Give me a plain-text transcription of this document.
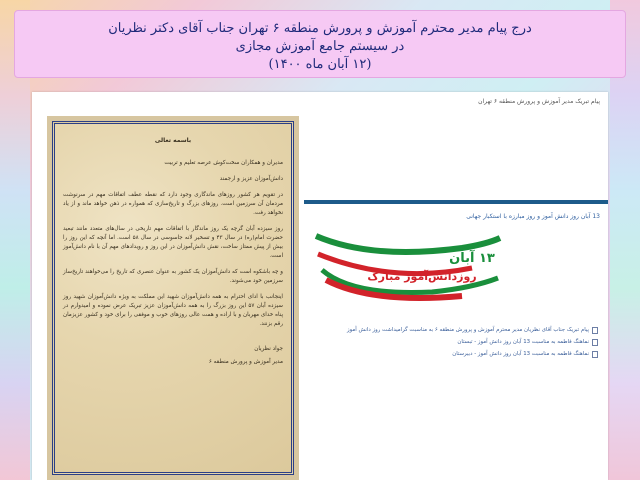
درج پیام مدیر محترم آموزش و پرورش منطقه ۶ تهران جناب آقای دکتر نظریان
در سیستم جامع آموزش مجازی
(۱۲ آبان ماه ۱۴۰۰)
باسمه تعالی

مدیران و همکاران سخت‌کوش عرصه تعلیم و تربیت

دانش‌آموزان عزیز و ارجمند

در تقویم هر کشور روزهای ماندگاری وجود دارد که نقطه عطف اتفاقات مهم در سرنوشت مردمان آن سرزمین است. روزهای بزرگ و تاریخ‌سازی که همواره در ذهن خواهد ماند و از یاد نخواهد رفت.

روز سیزده آبان گرچه یک روز ماندگار با اتفاقات مهم تاریخی در سال‌های متعدد مانند تبعید حضرت امام(ره) در سال ۴۳ و تسخیر لانه جاسوسی در سال ۵۸ است. اما آنچه که این روز را بیش از پیش ممتاز ساخت، نقش دانش‌آموزان در این روز و رویدادهای مهم آن با نام دانش‌آموز است.

و چه باشکوه است که دانش‌آموزان یک کشور به عنوان عنصری که تاریخ را می‌خواهند تاریخ‌ساز سرزمین خود می‌شوند.

اینجانب با ادای احترام به همه دانش‌آموزان شهید این مملکت به ویژه دانش‌آموزان شهید روز سیزده آبان ۵۷ این روز بزرگ را به همه دانش‌آموزان عزیز تبریک عرض نموده و امیدوارم در پناه خدای مهربان و با اراده و همت عالی روزهای خوب و موفقی را برای خود و کشور عزیزمان رقم بزنند.

جواد نظریان
مدیر آموزش و پرورش منطقه ۶
پیام تبریک مدیر آموزش و پرورش منطقه ۶ تهران
13 آبان روز دانش آموز و روز مبارزه با استکبار جهانی
۱۳ آبان
روزدانش‌آموز مبارک
پیام تبریک جناب آقای نظریان مدیر محترم آموزش و پرورش منطقه ۶ به مناسبت گرامیداشت روز دانش آموز
نماهنگ فاطمه به مناسبت 13 آبان روز دانش آموز - تبستان
نماهنگ فاطمه به مناسبت 13 آبان روز دانش آموز - دبیرستان
